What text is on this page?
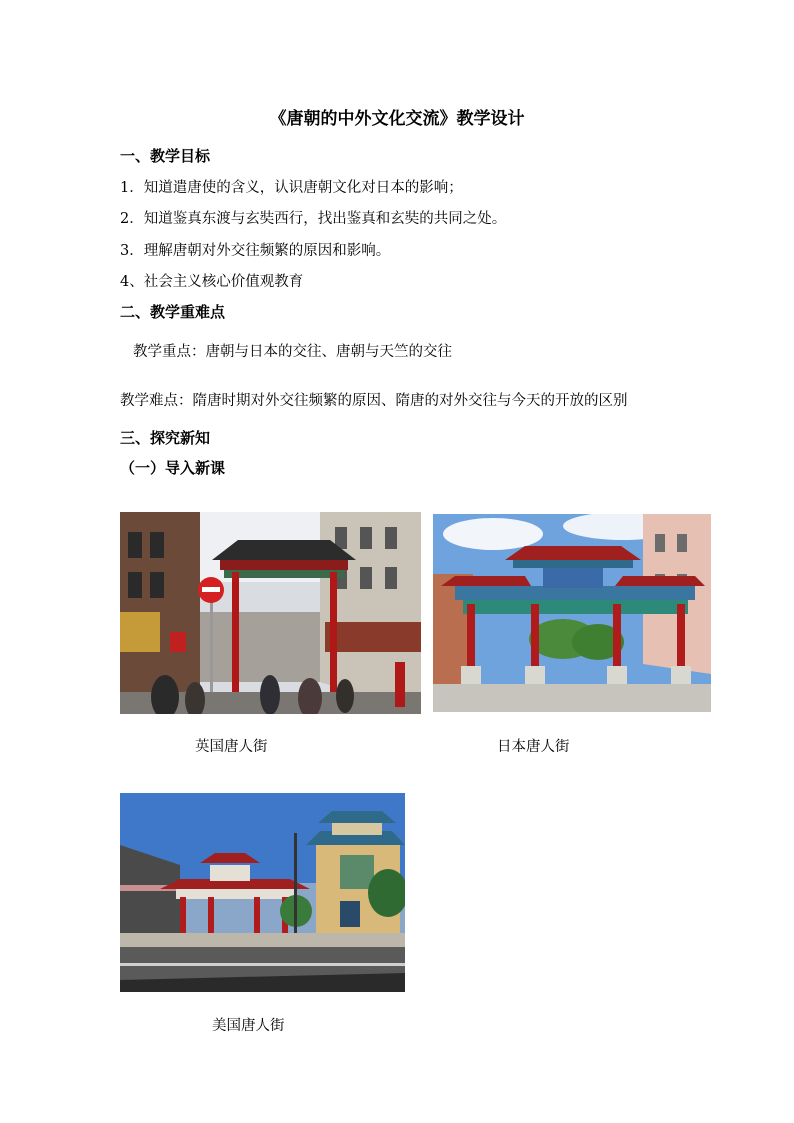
《唐朝的中外文化交流》教学设计
一、教学目标
1．知道遣唐使的含义，认识唐朝文化对日本的影响；
2．知道鉴真东渡与玄奘西行，找出鉴真和玄奘的共同之处。
3．理解唐朝对外交往频繁的原因和影响。
4、社会主义核心价值观教育
二、教学重难点
教学重点：唐朝与日本的交往、唐朝与天竺的交往
教学难点：隋唐时期对外交往频繁的原因、隋唐的对外交往与今天的开放的区别
三、探究新知
（一）导入新课
英国唐人街	日本唐人街
美国唐人街
